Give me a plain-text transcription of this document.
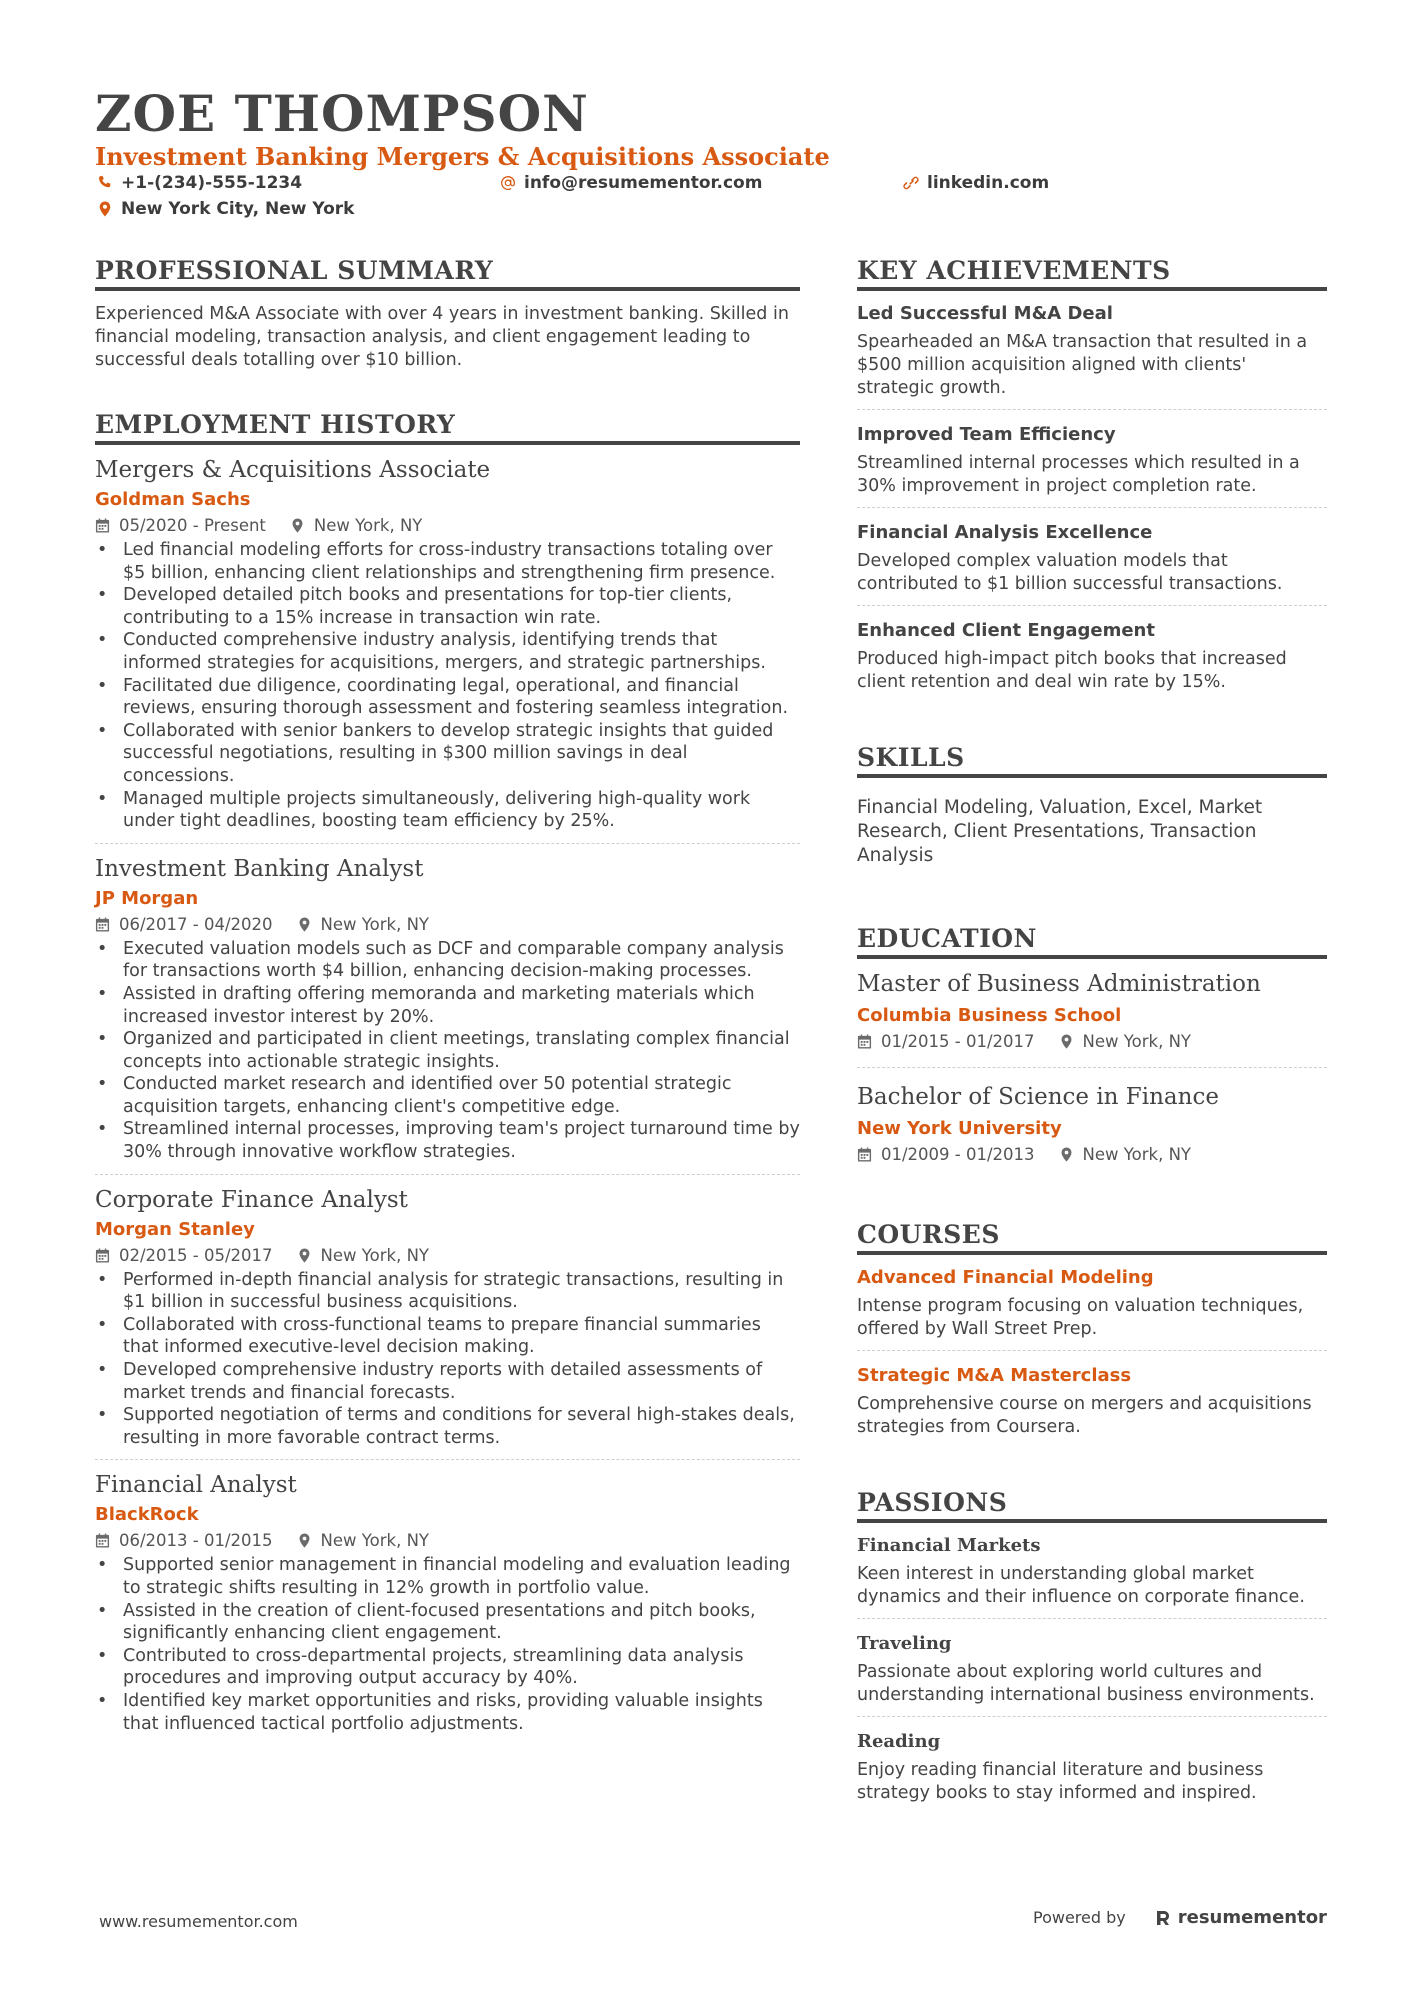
ZOE THOMPSON
Investment Banking Mergers & Acquisitions Associate
+1-(234)-555-1234	info@resumementor.com	linkedin.com
New York City, New York
PROFESSIONAL SUMMARY
Experienced M&A Associate with over 4 years in investment banking. Skilled in financial modeling, transaction analysis, and client engagement leading to successful deals totalling over $10 billion.
EMPLOYMENT HISTORY
Mergers & Acquisitions Associate
Goldman Sachs
05/2020 - Present	New York, NY
• Led financial modeling efforts for cross-industry transactions totaling over $5 billion, enhancing client relationships and strengthening firm presence.
• Developed detailed pitch books and presentations for top-tier clients, contributing to a 15% increase in transaction win rate.
• Conducted comprehensive industry analysis, identifying trends that informed strategies for acquisitions, mergers, and strategic partnerships.
• Facilitated due diligence, coordinating legal, operational, and financial reviews, ensuring thorough assessment and fostering seamless integration.
• Collaborated with senior bankers to develop strategic insights that guided successful negotiations, resulting in $300 million savings in deal concessions.
• Managed multiple projects simultaneously, delivering high-quality work under tight deadlines, boosting team efficiency by 25%.
Investment Banking Analyst
JP Morgan
06/2017 - 04/2020	New York, NY
• Executed valuation models such as DCF and comparable company analysis for transactions worth $4 billion, enhancing decision-making processes.
• Assisted in drafting offering memoranda and marketing materials which increased investor interest by 20%.
• Organized and participated in client meetings, translating complex financial concepts into actionable strategic insights.
• Conducted market research and identified over 50 potential strategic acquisition targets, enhancing client's competitive edge.
• Streamlined internal processes, improving team's project turnaround time by 30% through innovative workflow strategies.
Corporate Finance Analyst
Morgan Stanley
02/2015 - 05/2017	New York, NY
• Performed in-depth financial analysis for strategic transactions, resulting in $1 billion in successful business acquisitions.
• Collaborated with cross-functional teams to prepare financial summaries that informed executive-level decision making.
• Developed comprehensive industry reports with detailed assessments of market trends and financial forecasts.
• Supported negotiation of terms and conditions for several high-stakes deals, resulting in more favorable contract terms.
Financial Analyst
BlackRock
06/2013 - 01/2015	New York, NY
• Supported senior management in financial modeling and evaluation leading to strategic shifts resulting in 12% growth in portfolio value.
• Assisted in the creation of client-focused presentations and pitch books, significantly enhancing client engagement.
• Contributed to cross-departmental projects, streamlining data analysis procedures and improving output accuracy by 40%.
• Identified key market opportunities and risks, providing valuable insights that influenced tactical portfolio adjustments.
KEY ACHIEVEMENTS
Led Successful M&A Deal
Spearheaded an M&A transaction that resulted in a $500 million acquisition aligned with clients' strategic growth.
Improved Team Efficiency
Streamlined internal processes which resulted in a 30% improvement in project completion rate.
Financial Analysis Excellence
Developed complex valuation models that contributed to $1 billion successful transactions.
Enhanced Client Engagement
Produced high-impact pitch books that increased client retention and deal win rate by 15%.
SKILLS
Financial Modeling, Valuation, Excel, Market Research, Client Presentations, Transaction Analysis
EDUCATION
Master of Business Administration
Columbia Business School
01/2015 - 01/2017	New York, NY
Bachelor of Science in Finance
New York University
01/2009 - 01/2013	New York, NY
COURSES
Advanced Financial Modeling
Intense program focusing on valuation techniques, offered by Wall Street Prep.
Strategic M&A Masterclass
Comprehensive course on mergers and acquisitions strategies from Coursera.
PASSIONS
Financial Markets
Keen interest in understanding global market dynamics and their influence on corporate finance.
Traveling
Passionate about exploring world cultures and understanding international business environments.
Reading
Enjoy reading financial literature and business strategy books to stay informed and inspired.
www.resumementor.com	Powered by	resumementor
